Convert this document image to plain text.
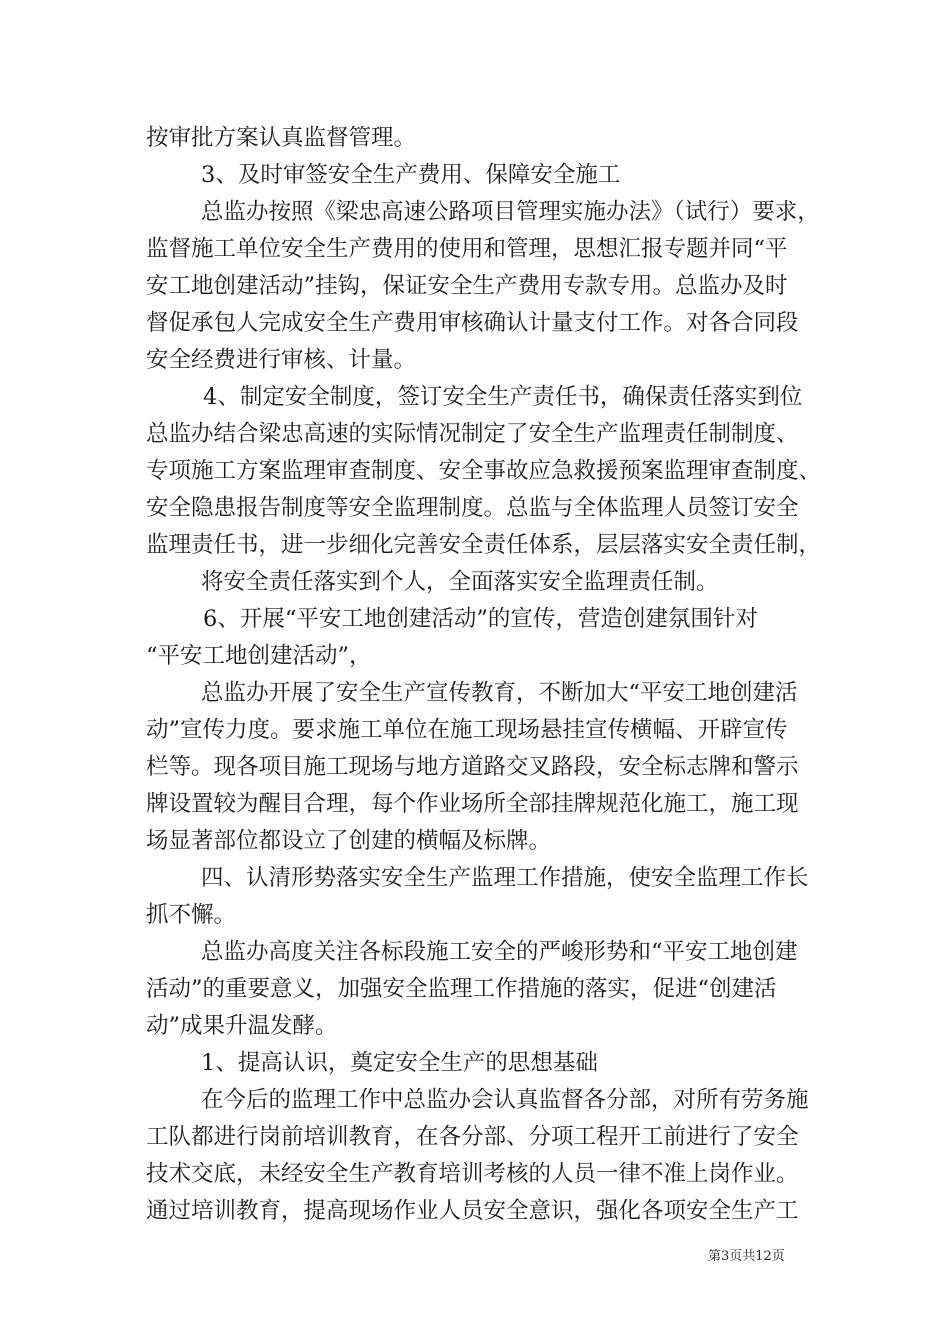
按审批方案认真监督管理。
3、及时审签安全生产费用、保障安全施工
总监办按照《梁忠高速公路项目管理实施办法》（试行）要求，
监督施工单位安全生产费用的使用和管理，思想汇报专题并同“平
安工地创建活动”挂钩，保证安全生产费用专款专用。总监办及时
督促承包人完成安全生产费用审核确认计量支付工作。对各合同段
安全经费进行审核、计量。
4、制定安全制度，签订安全生产责任书，确保责任落实到位
总监办结合梁忠高速的实际情况制定了安全生产监理责任制制度、
专项施工方案监理审查制度、安全事故应急救援预案监理审查制度、
安全隐患报告制度等安全监理制度。总监与全体监理人员签订安全
监理责任书，进一步细化完善安全责任体系，层层落实安全责任制，
将安全责任落实到个人，全面落实安全监理责任制。
6、开展“平安工地创建活动”的宣传，营造创建氛围针对
“平安工地创建活动”，
总监办开展了安全生产宣传教育，不断加大“平安工地创建活
动”宣传力度。要求施工单位在施工现场悬挂宣传横幅、开辟宣传
栏等。现各项目施工现场与地方道路交叉路段，安全标志牌和警示
牌设置较为醒目合理，每个作业场所全部挂牌规范化施工，施工现
场显著部位都设立了创建的横幅及标牌。
四、认清形势落实安全生产监理工作措施，使安全监理工作长
抓不懈。
总监办高度关注各标段施工安全的严峻形势和“平安工地创建
活动”的重要意义，加强安全监理工作措施的落实，促进“创建活
动”成果升温发酵。
1、提高认识，奠定安全生产的思想基础
在今后的监理工作中总监办会认真监督各分部，对所有劳务施
工队都进行岗前培训教育，在各分部、分项工程开工前进行了安全
技术交底，未经安全生产教育培训考核的人员一律不准上岗作业。
通过培训教育，提高现场作业人员安全意识，强化各项安全生产工
第3页共12页
